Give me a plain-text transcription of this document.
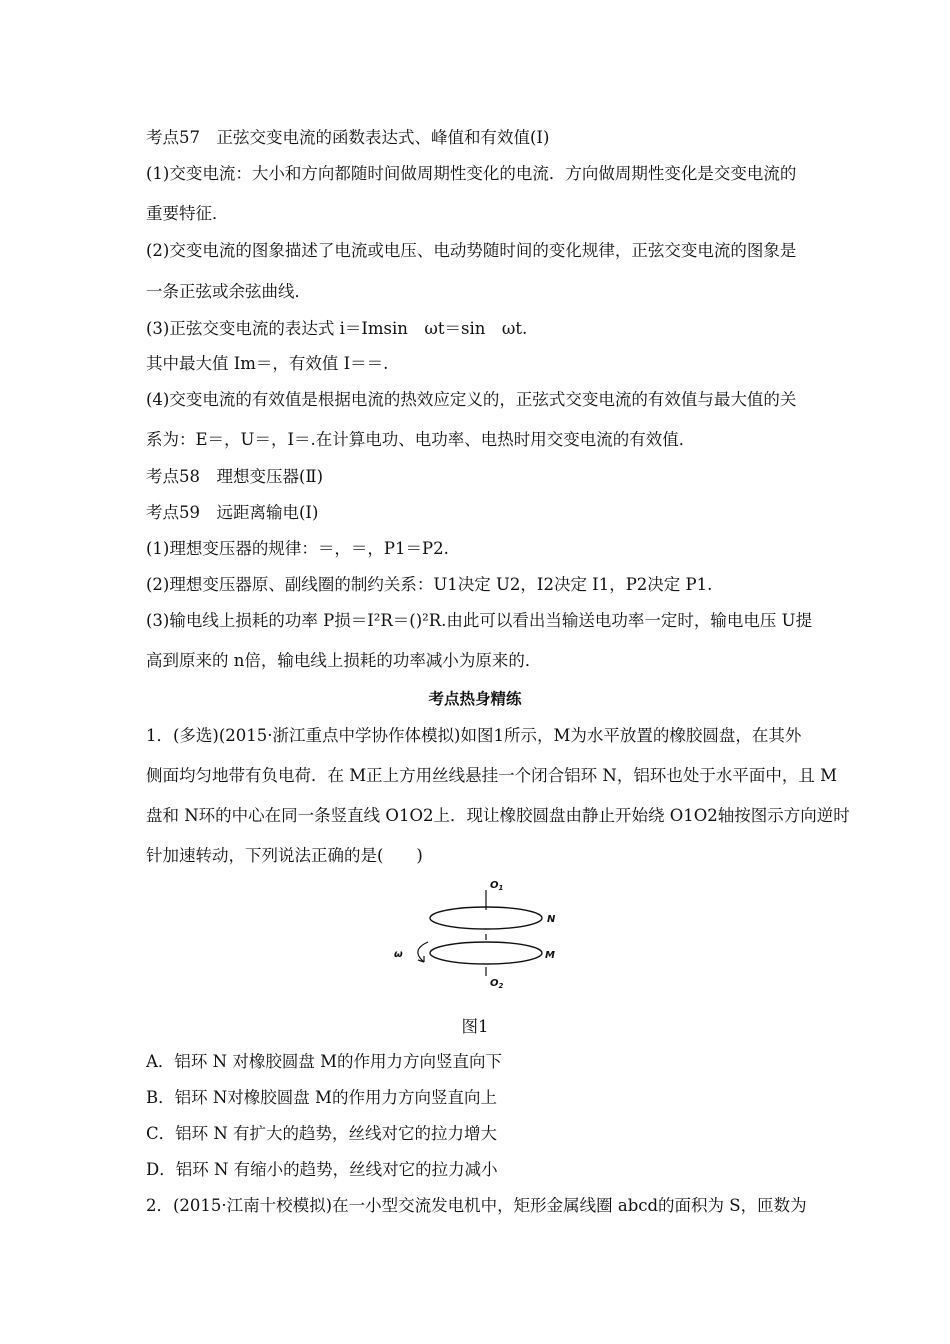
考点57　正弦交变电流的函数表达式、峰值和有效值(Ⅰ)
(1)交变电流：大小和方向都随时间做周期性变化的电流．方向做周期性变化是交变电流的
重要特征．
(2)交变电流的图象描述了电流或电压、电动势随时间的变化规律，正弦交变电流的图象是
一条正弦或余弦曲线．
(3)正弦交变电流的表达式 i＝Imsin　ωt＝sin　ωt.
其中最大值 Im＝，有效值 I＝＝.
(4)交变电流的有效值是根据电流的热效应定义的，正弦式交变电流的有效值与最大值的关
系为：E＝，U＝，I＝.在计算电功、电功率、电热时用交变电流的有效值．
考点58　理想变压器(Ⅱ)
考点59　远距离输电(Ⅰ)
(1)理想变压器的规律：＝，＝，P1＝P2.
(2)理想变压器原、副线圈的制约关系：U1决定 U2，I2决定 I1，P2决定 P1.
(3)输电线上损耗的功率 P损＝I²R＝()²R.由此可以看出当输送电功率一定时，输电电压 U提
高到原来的 n倍，输电线上损耗的功率减小为原来的．
考点热身精练
1．(多选)(2015·浙江重点中学协作体模拟)如图1所示，M为水平放置的橡胶圆盘，在其外
侧面均匀地带有负电荷．在 M正上方用丝线悬挂一个闭合铝环 N，铝环也处于水平面中，且 M
盘和 N环的中心在同一条竖直线 O1O2上．现让橡胶圆盘由静止开始绕 O1O2轴按图示方向逆时
针加速转动，下列说法正确的是(　　)
$O_1$
$O_2$
N
M
ω
图1
A．铝环 N 对橡胶圆盘 M的作用力方向竖直向下
B．铝环 N对橡胶圆盘 M的作用力方向竖直向上
C．铝环 N 有扩大的趋势，丝线对它的拉力增大
D．铝环 N 有缩小的趋势，丝线对它的拉力减小
2．(2015·江南十校模拟)在一小型交流发电机中，矩形金属线圈 abcd的面积为 S，匝数为
